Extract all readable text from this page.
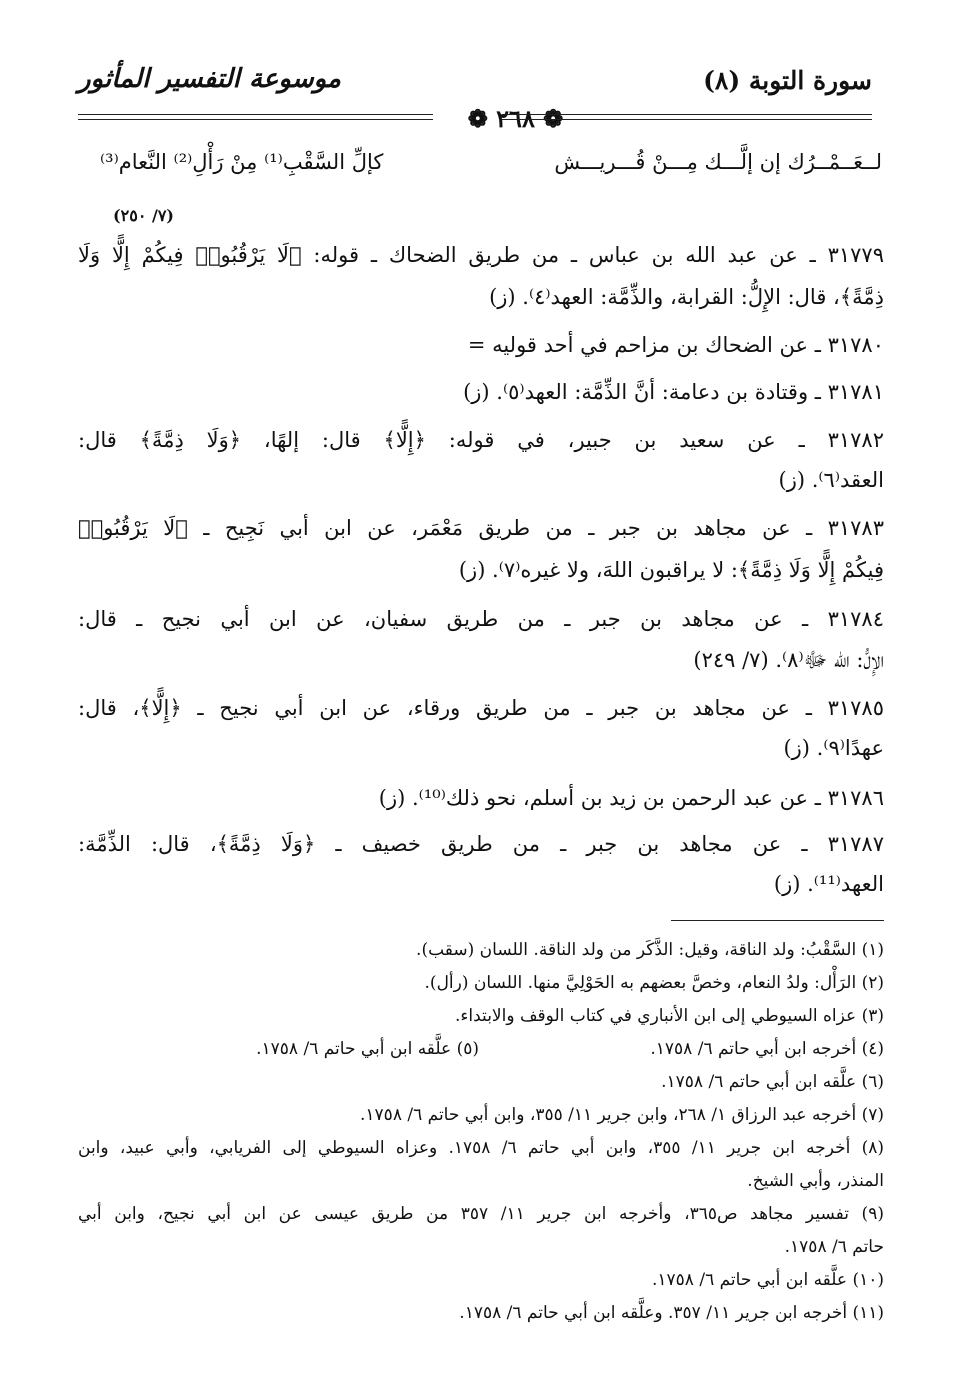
سورة التوبة (٨)
موسوعة التفسير المأثور
❁ ٢٦٨ ❁
لــعَــمْــرُك إن إلَّـــك مِـــنْ قُـــريـــش
كإلِّ السَّقْبِ⁽¹⁾ مِنْ رَأْلِ⁽²⁾ النَّعام⁽³⁾
(٧/ ٢٥٠)
٣١٧٧٩ ـ عن عبد الله بن عباس ـ من طريق الضحاك ـ قوله: ﴿لَا يَرْقُبُوا۟ فِيكُمْ إِلًّا وَلَا
ذِمَّةً﴾، قال: الإِلُّ: القرابة، والذِّمَّة: العهد⁽٤⁾. (ز)
٣١٧٨٠ ـ عن الضحاك بن مزاحم في أحد قوليه =
٣١٧٨١ ـ وقتادة بن دعامة: أنَّ الذِّمَّة: العهد⁽٥⁾. (ز)
٣١٧٨٢ ـ عن سعيد بن جبير، في قوله: ﴿إِلًّا﴾ قال: إلهًا، ﴿وَلَا ذِمَّةً﴾ قال:
العقد⁽٦⁾. (ز)
٣١٧٨٣ ـ عن مجاهد بن جبر ـ من طريق مَعْمَر، عن ابن أبي نَجِيح ـ ﴿لَا يَرْقُبُوا۟
فِيكُمْ إِلًّا وَلَا ذِمَّةً﴾: لا يراقبون اللهَ، ولا غيره⁽٧⁾. (ز)
٣١٧٨٤ ـ عن مجاهد بن جبر ـ من طريق سفيان، عن ابن أبي نجيح ـ قال:
الإِلُّ: الله ﷻ⁽٨⁾. (٧/ ٢٤٩)
٣١٧٨٥ ـ عن مجاهد بن جبر ـ من طريق ورقاء، عن ابن أبي نجيح ـ ﴿إِلًّا﴾، قال:
عهدًا⁽٩⁾. (ز)
٣١٧٨٦ ـ عن عبد الرحمن بن زيد بن أسلم، نحو ذلك⁽¹⁰⁾. (ز)
٣١٧٨٧ ـ عن مجاهد بن جبر ـ من طريق خصيف ـ ﴿وَلَا ذِمَّةً﴾، قال: الذِّمَّة:
العهد⁽¹¹⁾. (ز)
(١) السَّقْبُ: ولد الناقة، وقيل: الذَّكَر من ولد الناقة. اللسان (سقب).
(٢) الرَأْل: ولدُ النعام، وخصَّ بعضهم به الحَوْلِيَّ منها. اللسان (رأل).
(٣) عزاه السيوطي إلى ابن الأنباري في كتاب الوقف والابتداء.
(٤) أخرجه ابن أبي حاتم ٦/ ١٧٥٨.
(٥) علَّقه ابن أبي حاتم ٦/ ١٧٥٨.
(٦) علَّقه ابن أبي حاتم ٦/ ١٧٥٨.
(٧) أخرجه عبد الرزاق ١/ ٢٦٨، وابن جرير ١١/ ٣٥٥، وابن أبي حاتم ٦/ ١٧٥٨.
(٨) أخرجه ابن جرير ١١/ ٣٥٥، وابن أبي حاتم ٦/ ١٧٥٨. وعزاه السيوطي إلى الفريابي، وأبي عبيد، وابن
المنذر، وأبي الشيخ.
(٩) تفسير مجاهد ص٣٦٥، وأخرجه ابن جرير ١١/ ٣٥٧ من طريق عيسى عن ابن أبي نجيح، وابن أبي
حاتم ٦/ ١٧٥٨.
(١٠) علَّقه ابن أبي حاتم ٦/ ١٧٥٨.
(١١) أخرجه ابن جرير ١١/ ٣٥٧. وعلَّقه ابن أبي حاتم ٦/ ١٧٥٨.
